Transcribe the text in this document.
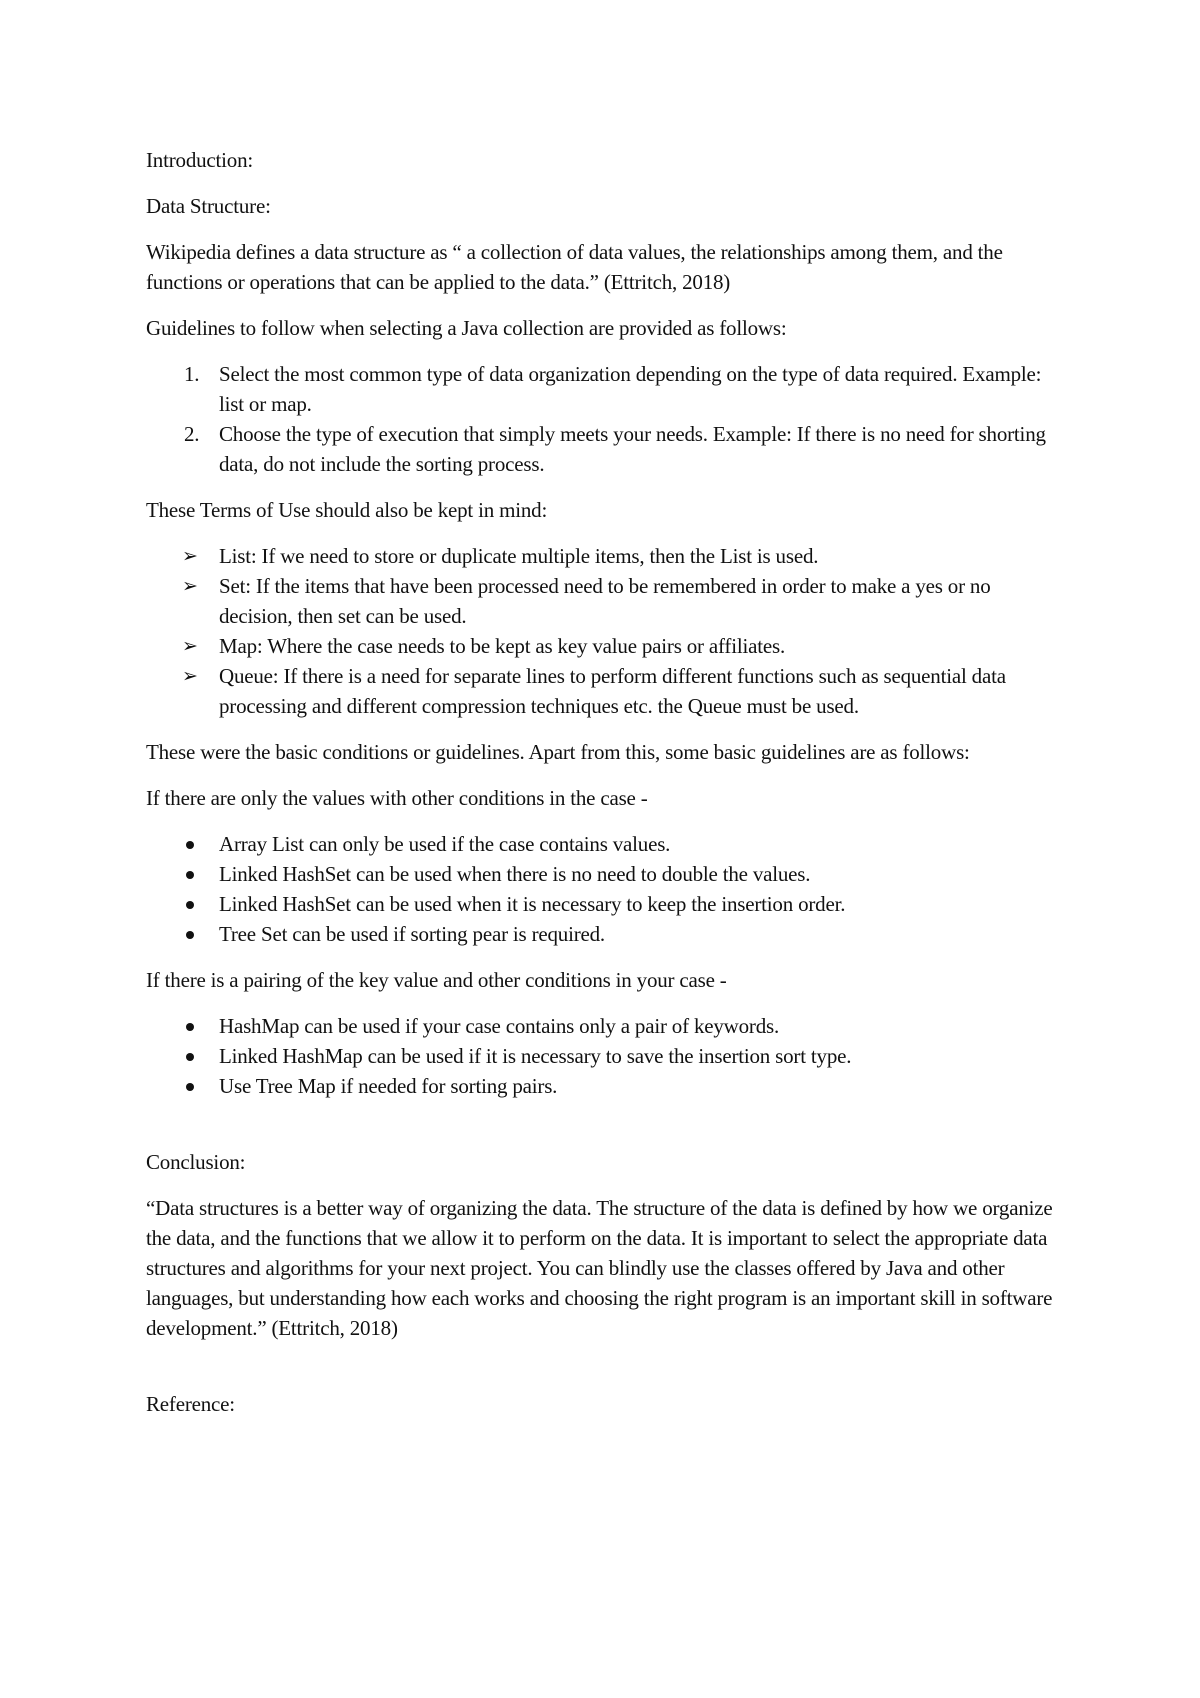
Introduction:

Data Structure:

Wikipedia defines a data structure as “ a collection of data values, the relationships among them, and the functions or operations that can be applied to the data.” (Ettritch, 2018)

Guidelines to follow when selecting a Java collection are provided as follows:

1. Select the most common type of data organization depending on the type of data required. Example: list or map.
2. Choose the type of execution that simply meets your needs. Example: If there is no need for shorting data, do not include the sorting process.

These Terms of Use should also be kept in mind:

➢ List: If we need to store or duplicate multiple items, then the List is used.
➢ Set: If the items that have been processed need to be remembered in order to make a yes or no decision, then set can be used.
➢ Map: Where the case needs to be kept as key value pairs or affiliates.
➢ Queue: If there is a need for separate lines to perform different functions such as sequential data processing and different compression techniques etc. the Queue must be used.

These were the basic conditions or guidelines. Apart from this, some basic guidelines are as follows:

If there are only the values with other conditions in the case -

Array List can only be used if the case contains values.
Linked HashSet can be used when there is no need to double the values.
Linked HashSet can be used when it is necessary to keep the insertion order.
Tree Set can be used if sorting pear is required.

If there is a pairing of the key value and other conditions in your case -

HashMap can be used if your case contains only a pair of keywords.
Linked HashMap can be used if it is necessary to save the insertion sort type.
Use Tree Map if needed for sorting pairs.

Conclusion:

“Data structures is a better way of organizing the data. The structure of the data is defined by how we organize the data, and the functions that we allow it to perform on the data. It is important to select the appropriate data structures and algorithms for your next project. You can blindly use the classes offered by Java and other languages, but understanding how each works and choosing the right program is an important skill in software development.” (Ettritch, 2018)

Reference:
